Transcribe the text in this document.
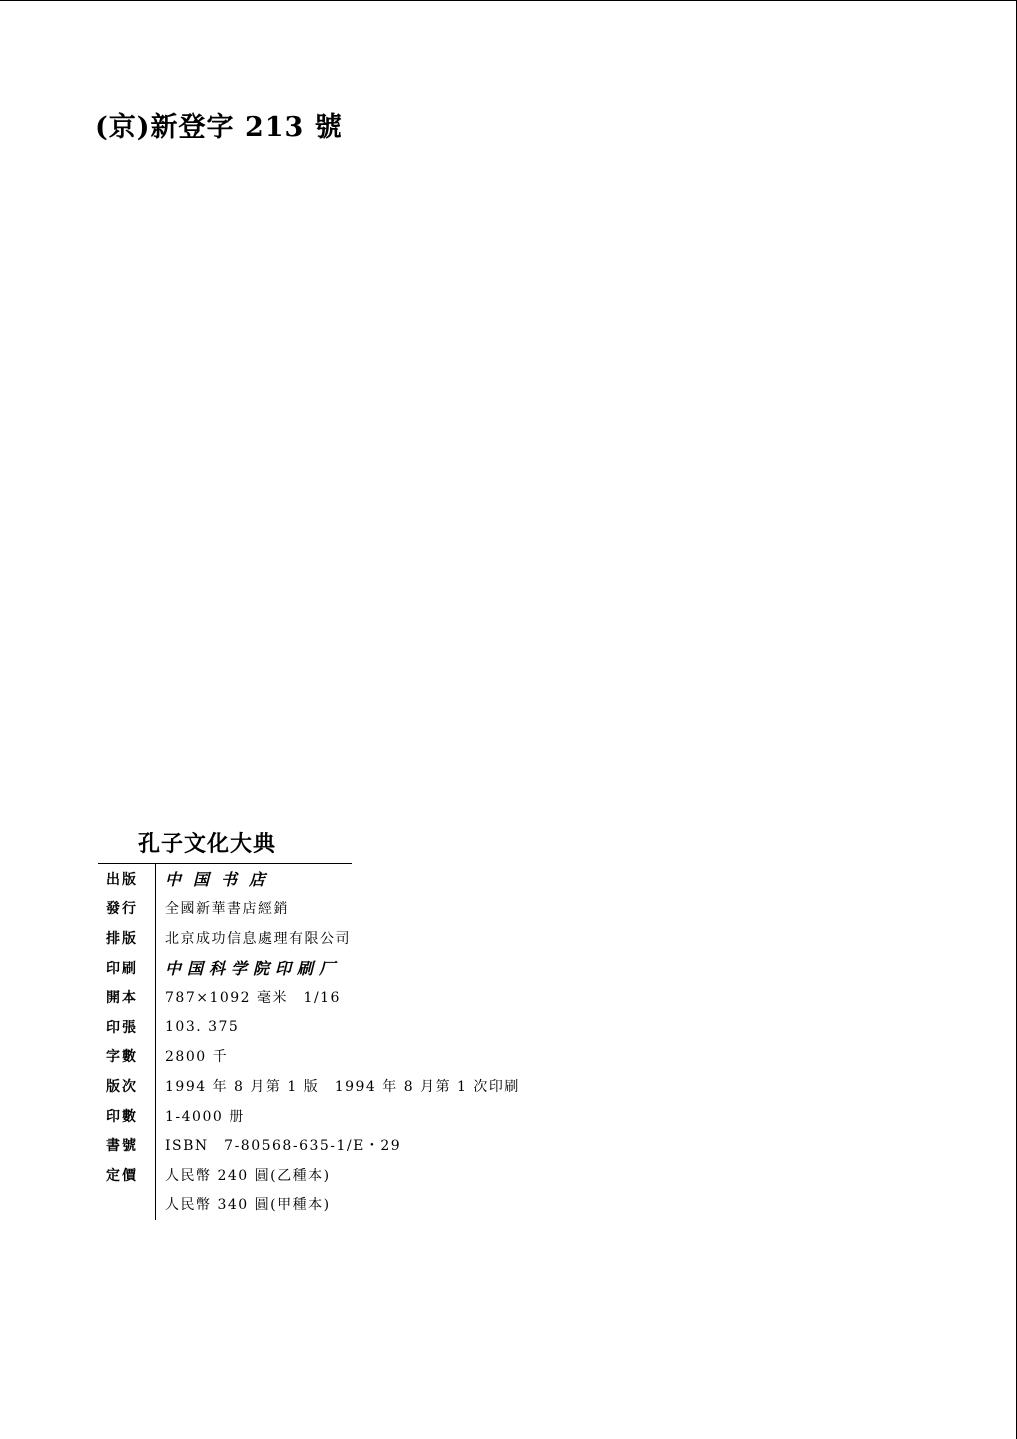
(京)新登字 213 號
孔子文化大典
出版	中国书店
發行	全國新華書店經銷
排版	北京成功信息處理有限公司
印刷	中国科学院印刷厂
開本	787×1092 毫米　1/16
印張	103. 375
字數	2800 千
版次	1994 年 8 月第 1 版　1994 年 8 月第 1 次印刷
印數	1-4000 册
書號	ISBN　7-80568-635-1/E・29
定價	人民幣 240 圓(乙種本)
人民幣 340 圓(甲種本)
